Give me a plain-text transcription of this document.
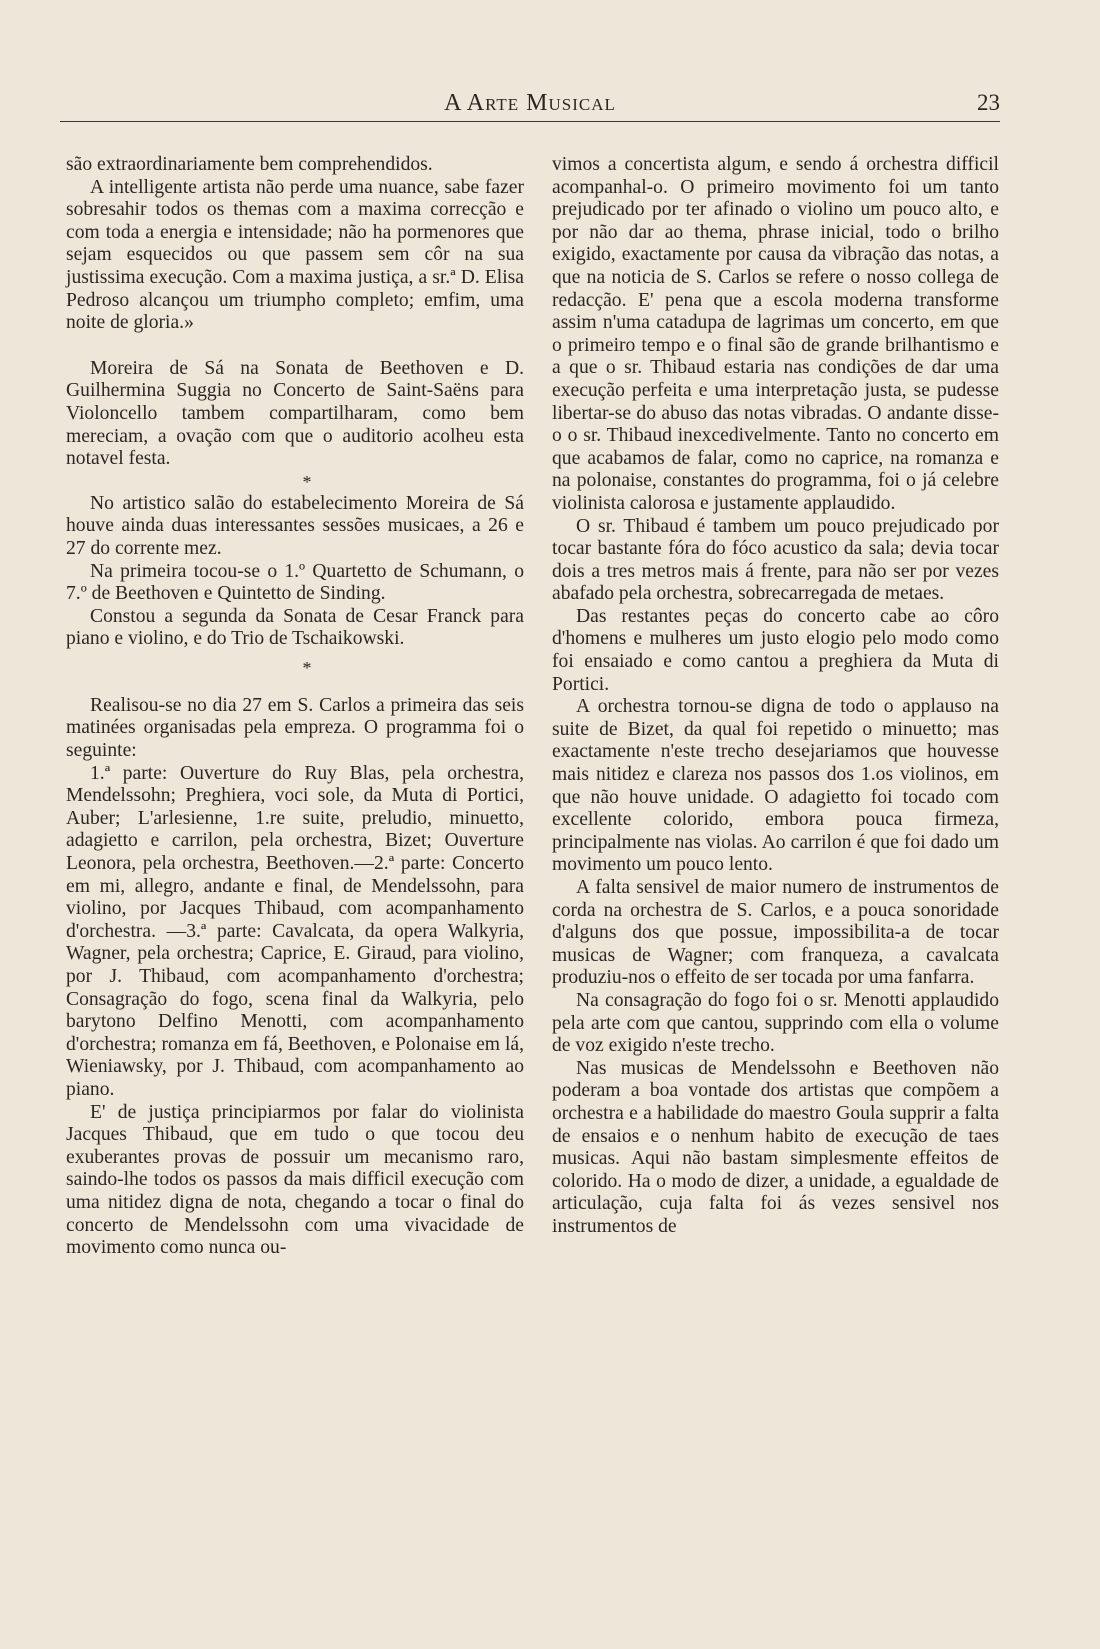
A Arte Musical	23

são extraordinariamente bem comprehendidos.

A intelligente artista não perde uma nuance, sabe fazer sobresahir todos os themas com a maxima correcção e com toda a energia e intensidade; não ha pormenores que sejam esquecidos ou que passem sem côr na sua justissima execução. Com a maxima justiça, a sr.ª D. Elisa Pedroso alcançou um triumpho completo; emfim, uma noite de gloria.»

Moreira de Sá na Sonata de Beethoven e D. Guilhermina Suggia no Concerto de Saint-Saëns para Violoncello tambem compartilharam, como bem mereciam, a ovação com que o auditorio acolheu esta notavel festa.

*

No artistico salão do estabelecimento Moreira de Sá houve ainda duas interessantes sessões musicaes, a 26 e 27 do corrente mez.

Na primeira tocou-se o 1.º Quartetto de Schumann, o 7.º de Beethoven e Quintetto de Sinding.

Constou a segunda da Sonata de Cesar Franck para piano e violino, e do Trio de Tschaikowski.

*

Realisou-se no dia 27 em S. Carlos a primeira das seis matinées organisadas pela empreza. O programma foi o seguinte:

1.ª parte: Ouverture do Ruy Blas, pela orchestra, Mendelssohn; Preghiera, voci sole, da Muta di Portici, Auber; L'arlesienne, 1.re suite, preludio, minuetto, adagietto e carrilon, pela orchestra, Bizet; Ouverture Leonora, pela orchestra, Beethoven.—2.ª parte: Concerto em mi, allegro, andante e final, de Mendelssohn, para violino, por Jacques Thibaud, com acompanhamento d'orchestra. —3.ª parte: Cavalcata, da opera Walkyria, Wagner, pela orchestra; Caprice, E. Giraud, para violino, por J. Thibaud, com acompanhamento d'orchestra; Consagração do fogo, scena final da Walkyria, pelo barytono Delfino Menotti, com acompanhamento d'orchestra; romanza em fá, Beethoven, e Polonaise em lá, Wieniawsky, por J. Thibaud, com acompanhamento ao piano.

E' de justiça principiarmos por falar do violinista Jacques Thibaud, que em tudo o que tocou deu exuberantes provas de possuir um mecanismo raro, saindo-lhe todos os passos da mais difficil execução com uma nitidez digna de nota, chegando a tocar o final do concerto de Mendelssohn com uma vivacidade de movimento como nunca ou-

vimos a concertista algum, e sendo á orchestra difficil acompanhal-o. O primeiro movimento foi um tanto prejudicado por ter afinado o violino um pouco alto, e por não dar ao thema, phrase inicial, todo o brilho exigido, exactamente por causa da vibração das notas, a que na noticia de S. Carlos se refere o nosso collega de redacção. E' pena que a escola moderna transforme assim n'uma catadupa de lagrimas um concerto, em que o primeiro tempo e o final são de grande brilhantismo e a que o sr. Thibaud estaria nas condições de dar uma execução perfeita e uma interpretação justa, se pudesse libertar-se do abuso das notas vibradas. O andante disse-o o sr. Thibaud inexcedivelmente. Tanto no concerto em que acabamos de falar, como no caprice, na romanza e na polonaise, constantes do programma, foi o já celebre violinista calorosa e justamente applaudido.

O sr. Thibaud é tambem um pouco prejudicado por tocar bastante fóra do fóco acustico da sala; devia tocar dois a tres metros mais á frente, para não ser por vezes abafado pela orchestra, sobrecarregada de metaes.

Das restantes peças do concerto cabe ao côro d'homens e mulheres um justo elogio pelo modo como foi ensaiado e como cantou a preghiera da Muta di Portici.

A orchestra tornou-se digna de todo o applauso na suite de Bizet, da qual foi repetido o minuetto; mas exactamente n'este trecho desejariamos que houvesse mais nitidez e clareza nos passos dos 1.os violinos, em que não houve unidade. O adagietto foi tocado com excellente colorido, embora pouca firmeza, principalmente nas violas. Ao carrilon é que foi dado um movimento um pouco lento.

A falta sensivel de maior numero de instrumentos de corda na orchestra de S. Carlos, e a pouca sonoridade d'alguns dos que possue, impossibilita-a de tocar musicas de Wagner; com franqueza, a cavalcata produziu-nos o effeito de ser tocada por uma fanfarra.

Na consagração do fogo foi o sr. Menotti applaudido pela arte com que cantou, supprindo com ella o volume de voz exigido n'este trecho.

Nas musicas de Mendelssohn e Beethoven não poderam a boa vontade dos artistas que compõem a orchestra e a habilidade do maestro Goula supprir a falta de ensaios e o nenhum habito de execução de taes musicas. Aqui não bastam simplesmente effeitos de colorido. Ha o modo de dizer, a unidade, a egualdade de articulação, cuja falta foi ás vezes sensivel nos instrumentos de
